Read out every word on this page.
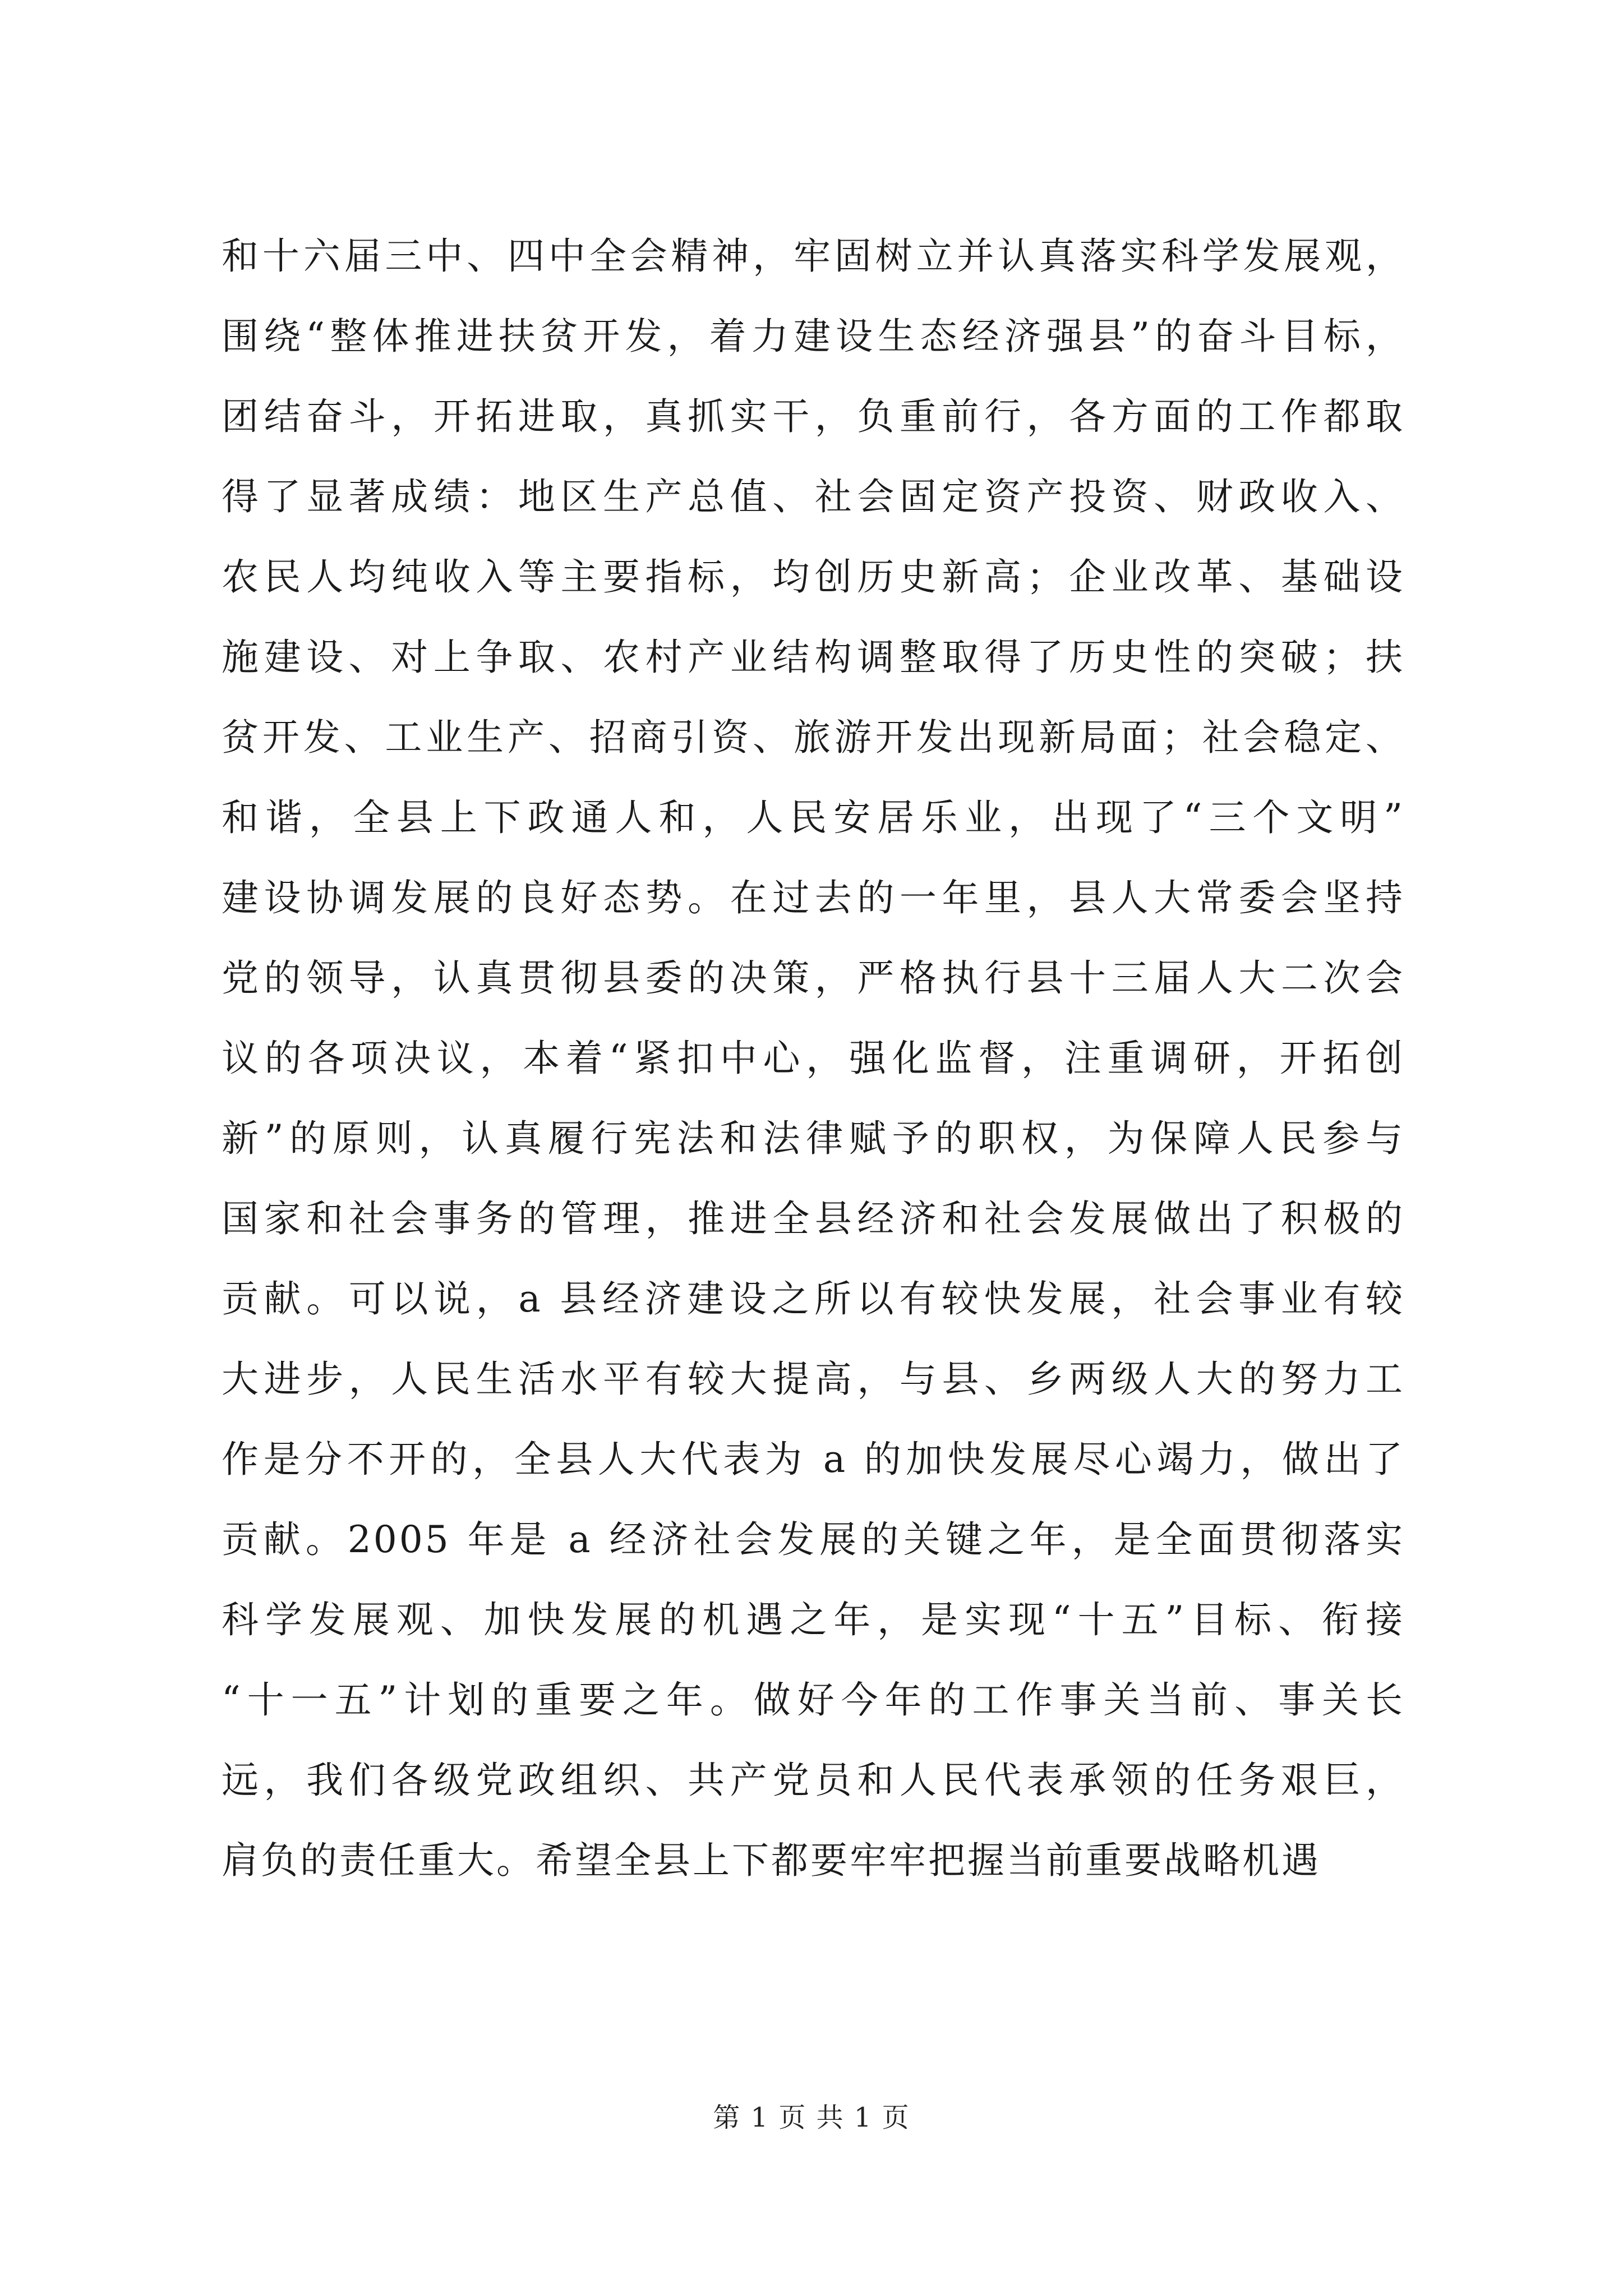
和十六届三中、四中全会精神，牢固树立并认真落实科学发展观，
围绕“整体推进扶贫开发，着力建设生态经济强县”的奋斗目标，
团结奋斗，开拓进取，真抓实干，负重前行，各方面的工作都取
得了显著成绩：地区生产总值、社会固定资产投资、财政收入、
农民人均纯收入等主要指标，均创历史新高；企业改革、基础设
施建设、对上争取、农村产业结构调整取得了历史性的突破；扶
贫开发、工业生产、招商引资、旅游开发出现新局面；社会稳定、
和谐，全县上下政通人和，人民安居乐业，出现了“三个文明”
建设协调发展的良好态势。在过去的一年里，县人大常委会坚持
党的领导，认真贯彻县委的决策，严格执行县十三届人大二次会
议的各项决议，本着“紧扣中心，强化监督，注重调研，开拓创
新”的原则，认真履行宪法和法律赋予的职权，为保障人民参与
国家和社会事务的管理，推进全县经济和社会发展做出了积极的
贡献。可以说，a 县经济建设之所以有较快发展，社会事业有较
大进步，人民生活水平有较大提高，与县、乡两级人大的努力工
作是分不开的，全县人大代表为 a 的加快发展尽心竭力，做出了
贡献。2005 年是 a 经济社会发展的关键之年，是全面贯彻落实
科学发展观、加快发展的机遇之年，是实现“十五”目标、衔接
“十一五”计划的重要之年。做好今年的工作事关当前、事关长
远，我们各级党政组织、共产党员和人民代表承领的任务艰巨，
肩负的责任重大。希望全县上下都要牢牢把握当前重要战略机遇
第 1 页 共 1 页
